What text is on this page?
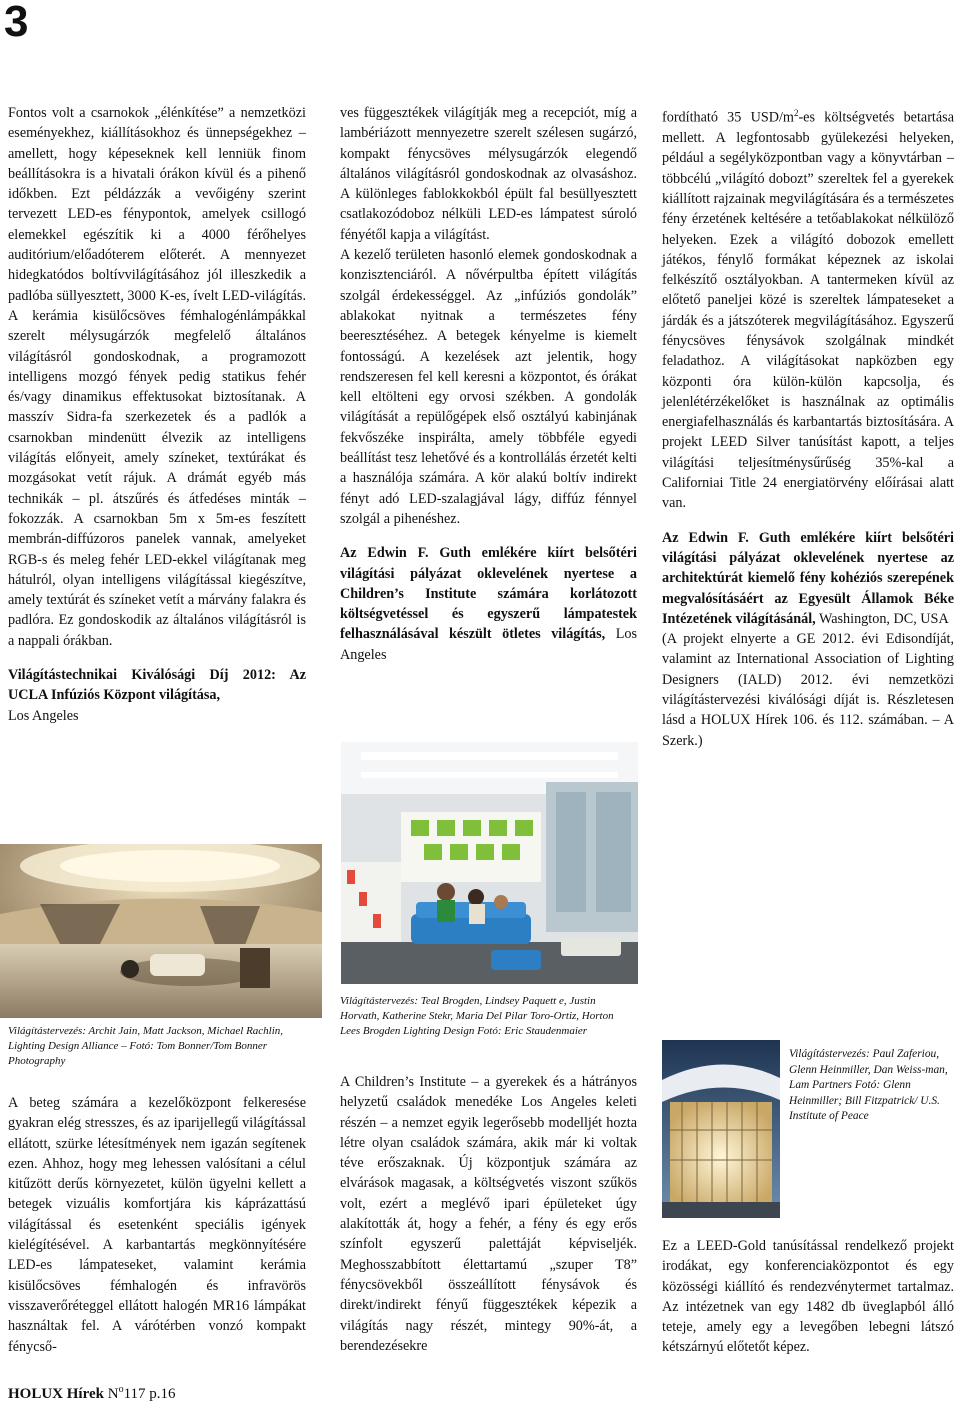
3

Fontos volt a csarnokok „élénkítése” a nemzetközi eseményekhez, kiállításokhoz és ünnepségekhez – amellett, hogy képeseknek kell lenniük finom beállításokra is a hivatali órákon kívül és a pihenő időkben. Ezt példázzák a vevőigény szerint tervezett LED-es fénypontok, amelyek csillogó elemekkel egészítik ki a 4000 férőhelyes auditórium/előadóterem előterét. A mennyezet hidegkatódos boltívvilágításához jól illeszkedik a padlóba süllyesztett, 3000 K-es, ívelt LED-világítás. A kerámia kisülőcsöves fémhalogénlámpákkal szerelt mélysugárzók megfelelő általános világításról gondoskodnak, a programozott intelligens mozgó fények pedig statikus fehér és/vagy dinamikus effektusokat biztosítanak. A masszív Sidra-fa szerkezetek és a padlók a csarnokban mindenütt élvezik az intelligens világítás előnyeit, amely színeket, textúrákat és mozgásokat vetít rájuk. A drámát egyéb más technikák – pl. átszűrés és átfedéses minták – fokozzák. A csarnokban 5m x 5m-es feszített membrán-diffúzoros panelek vannak, amelyeket RGB-s és meleg fehér LED-ekkel világítanak meg hátulról, olyan intelligens világítással kiegészítve, amely textúrát és színeket vetít a márvány falakra és padlóra. Ez gondoskodik az általános világításról is a nappali órákban.

Világítástechnikai Kiválósági Díj 2012: Az UCLA Infúziós Központ világítása,
Los Angeles

Világítástervezés: Archit Jain, Matt Jackson, Michael Rachlin, Lighting Design Alliance – Fotó: Tom Bonner/Tom Bonner Photography

A beteg számára a kezelőközpont felkeresése gyakran elég stresszes, és az iparijellegű világítással ellátott, szürke létesítmények nem igazán segítenek ezen. Ahhoz, hogy meg lehessen valósítani a célul kitűzött derűs környezetet, külön ügyelni kellett a betegek vizuális komfortjára kis káprázattású világítással és esetenként speciális igények kielégítésével. A karbantartás megkönnyítésére LED-es lámpateseket, valamint kerámia kisülőcsöves fémhalogén és infravörös visszaverőréteggel ellátott halogén MR16 lámpákat használtak fel. A várótérben vonzó kompakt fénycső-

ves függesztékek világítják meg a recepciót, míg a lambériázott mennyezetre szerelt szélesen sugárzó, kompakt fénycsöves mélysugárzók elegendő általános világításról gondoskodnak az olvasáshoz. A különleges fablokkokból épült fal besüllyesztett csatlakozódoboz nélküli LED-es lámpatest súroló fényétől kapja a világítást.

A kezelő területen hasonló elemek gondoskodnak a konzisztenciáról. A nővérpultba épített világítás szolgál érdekességgel. Az „infúziós gondolák” ablakokat nyitnak a természetes fény beeresztéséhez. A betegek kényelme is kiemelt fontosságú. A kezelések azt jelentik, hogy rendszeresen fel kell keresni a központot, és órákat kell eltölteni egy orvosi székben. A gondolák világítását a repülőgépek első osztályú kabinjának fekvőszéke inspirálta, amely többféle egyedi beállítást tesz lehetővé és a kontrollálás érzetét kelti a használója számára. A kör alakú boltív indirekt fényt adó LED-szalagjával lágy, diffúz fénnyel szolgál a pihenéshez.

Az Edwin F. Guth emlékére kiírt belsőtéri világítási pályázat oklevelének nyertese a Children’s Institute számára korlátozott költségvetéssel és egyszerű lámpatestek felhasználásával készült ötletes világítás, Los Angeles

Világítástervezés: Teal Brogden, Lindsey Paquett e, Justin Horvath, Katherine Stekr, Maria Del Pilar Toro-Ortiz, Horton Lees Brogden Lighting Design Fotó: Eric Staudenmaier

A Children’s Institute – a gyerekek és a hátrányos helyzetű családok menedéke Los Angeles keleti részén – a nemzet egyik legerősebb modelljét hozta létre olyan családok számára, akik már ki voltak téve erőszaknak. Új központjuk számára az elvárások magasak, a költségvetés viszont szűkös volt, ezért a meglévő ipari épületeket úgy alakították át, hogy a fehér, a fény és egy erős színfolt egyszerű palettáját képviseljék. Meghosszabbított élettartamú „szuper T8” fénycsövekből összeállított fénysávok és direkt/indirekt fényű függesztékek képezik a világítás nagy részét, mintegy 90%-át, a berendezésekre

fordítható 35 USD/$m^2-es$ költségvetés betartása mellett. A legfontosabb gyülekezési helyeken, például a segélyközpontban vagy a könyvtárban – többcélú „világító dobozt” szereltek fel a gyerekek kiállított rajzainak megvilágítására és a természetes fény érzetének keltésére a tetőablakokat nélkülöző helyeken. Ezek a világító dobozok emellett játékos, fénylő formákat képeznek az iskolai felkészítő osztályokban. A tantermeken kívül az előtető paneljei közé is szereltek lámpateseket a járdák és a játszóterek megvilágításához. Egyszerű fénycsöves fénysávok szolgálnak mindkét feladathoz. A világításokat napközben egy központi óra külön-külön kapcsolja, és jelenlétérzékelőket is használnak az optimális energiafelhasználás és karbantartás biztosítására. A projekt LEED Silver tanúsítást kapott, a teljes világítási teljesítménysűrűség 35%-kal a Californiai Title 24 energiatörvény előírásai alatt van.

Az Edwin F. Guth emlékére kiírt belsőtéri világítási pályázat oklevelének nyertese az architektúrát kiemelő fény kohéziós szerepének megvalósításáért az Egyesült Államok Béke Intézetének világításánál, Washington, DC, USA

(A projekt elnyerte a GE 2012. évi Edisondíját, valamint az International Association of Lighting Designers (IALD) 2012. évi nemzetközi világítástervezési kiválósági díját is. Részletesen lásd a HOLUX Hírek 106. és 112. számában. – A Szerk.)

Világítástervezés: Paul Zaferiou, Glenn Heinmiller, Dan Weiss-man, Lam Partners Fotó: Glenn Heinmiller; Bill Fitzpatrick/ U.S. Institute of Peace

Ez a LEED-Gold tanúsítással rendelkező projekt irodákat, egy konferenciaközpontot és egy közösségi kiállító és rendezvénytermet tartalmaz. Az intézetnek van egy 1482 db üveglapból álló teteje, amely egy a levegőben lebegni látszó kétszárnyú előtetőt képez.

HOLUX Hírek $N^o117$ p.16
